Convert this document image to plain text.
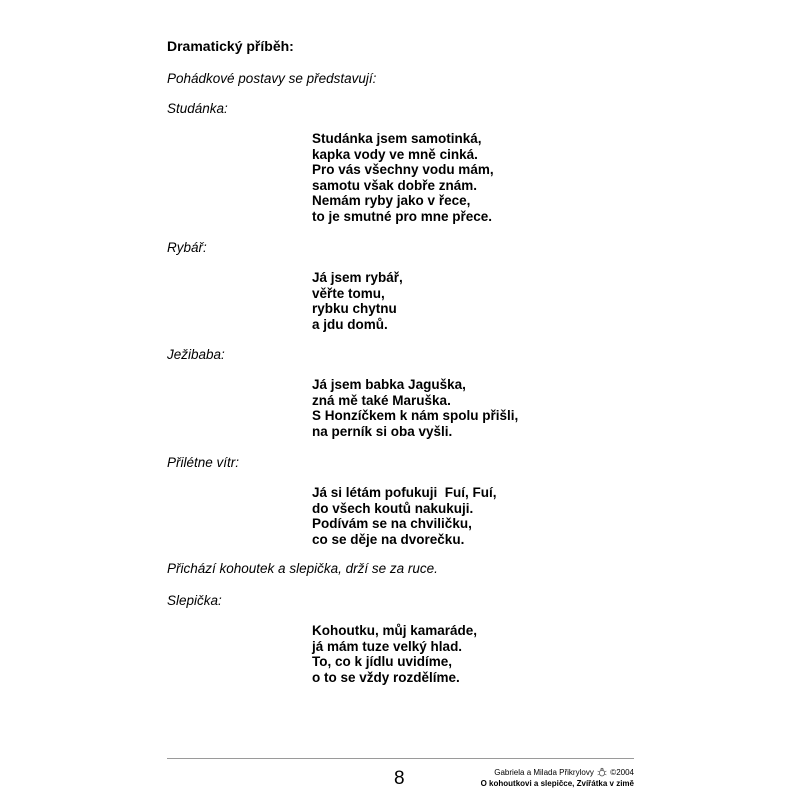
Dramatický příběh:
Pohádkové postavy se představují:
Studánka:
Studánka jsem samotinká,
kapka vody ve mně cinká.
Pro vás všechny vodu mám,
samotu však dobře znám.
Nemám ryby jako v řece,
to je smutné pro mne přece.
Rybář:
Já jsem rybář,
věřte tomu,
rybku chytnu
a jdu domů.
Ježibaba:
Já jsem babka Jaguška,
zná mě také Maruška.
S Honzíčkem k nám spolu přišli,
na perník si oba vyšli.
Přilétne vítr:
Já si létám pofukuji  Fuí, Fuí,
do všech koutů nakukuji.
Podívám se na chviličku,
co se děje na dvorečku.
Přichází kohoutek a slepička, drží se za ruce.
Slepička:
Kohoutku, můj kamaráde,
já mám tuze velký hlad.
To, co k jídlu uvidíme,
o to se vždy rozdělíme.
8	Gabriela a Milada Přikrylovy ©2004
O kohoutkovi a slepičce, Zvířátka v zimě
